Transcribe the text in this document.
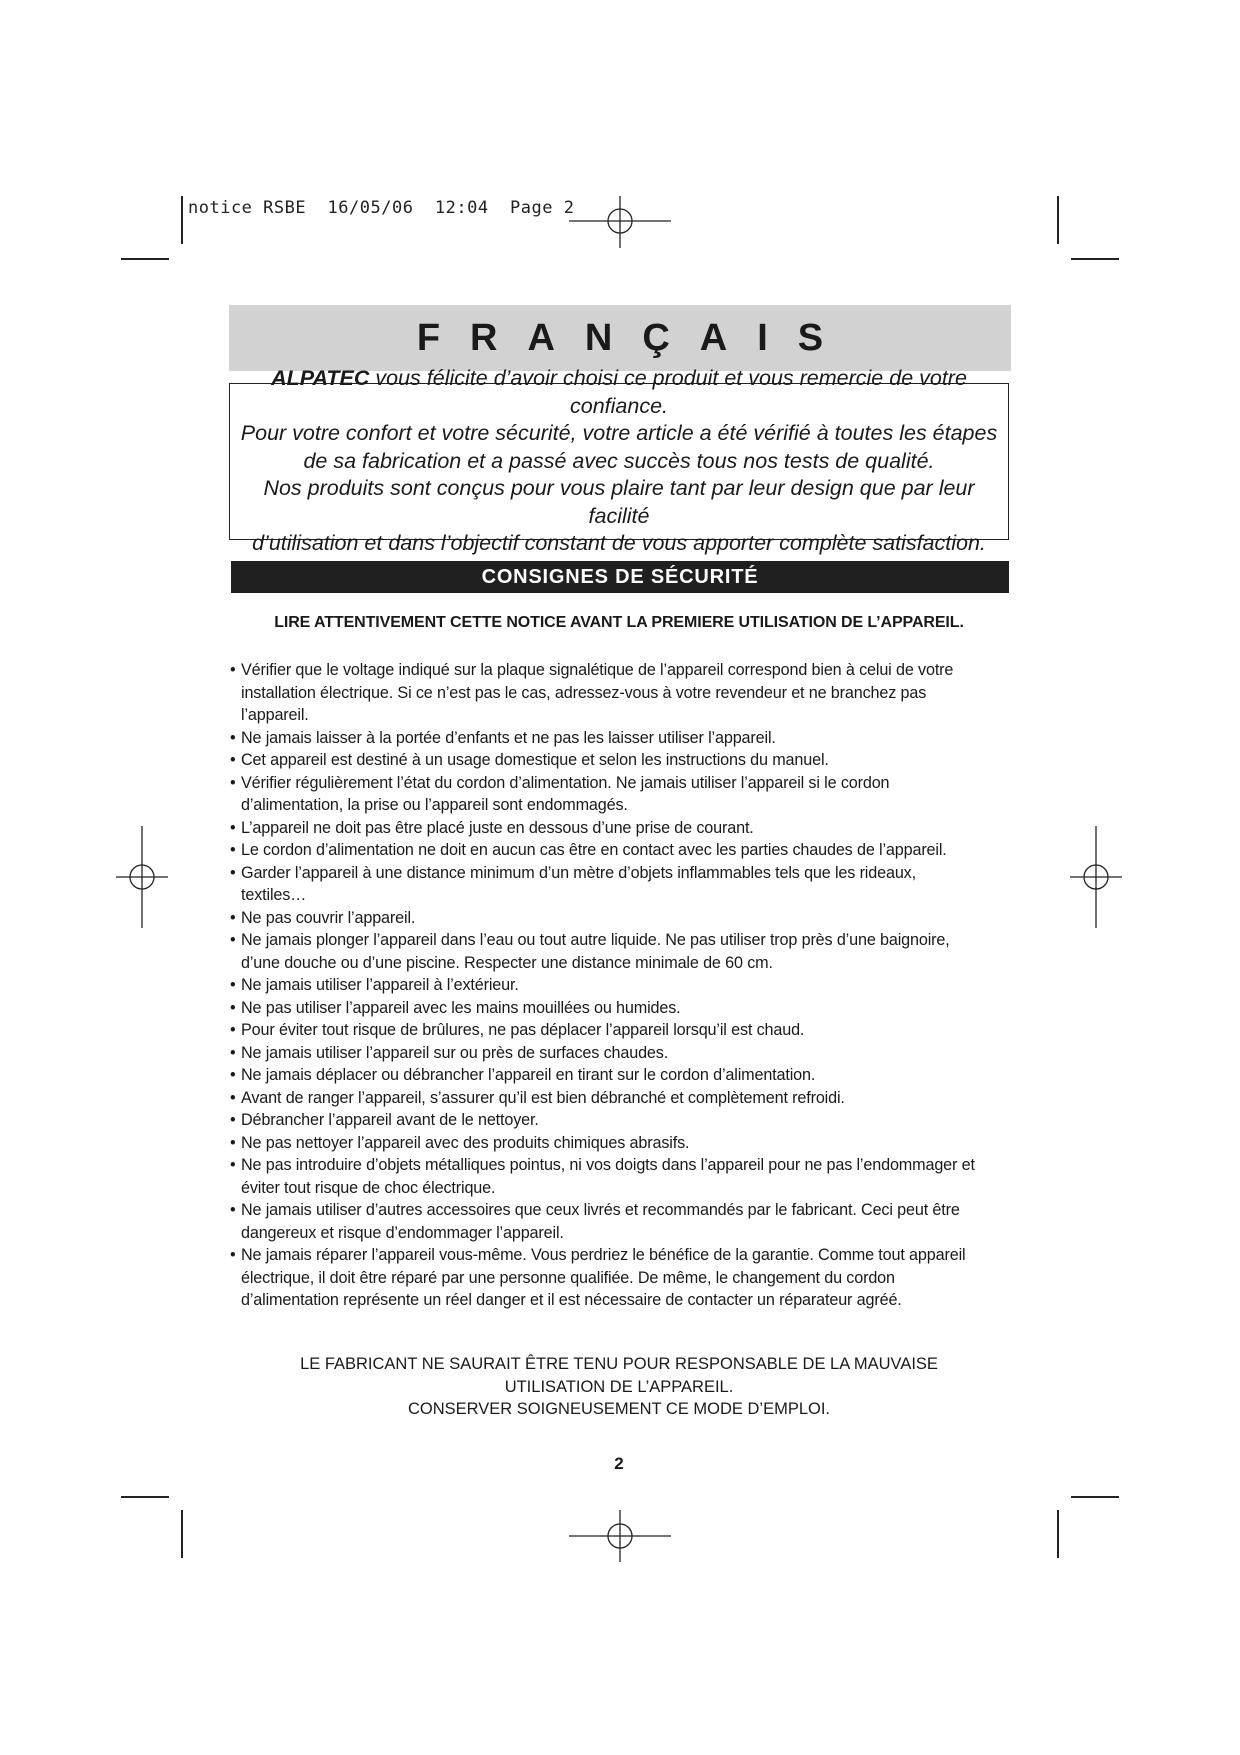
notice RSBE  16/05/06  12:04  Page 2
FRANÇAIS
ALPATEC vous félicite d’avoir choisi ce produit et vous remercie de votre confiance.
Pour votre confort et votre sécurité, votre article a été vérifié à toutes les étapes
de sa fabrication et a passé avec succès tous nos tests de qualité.
Nos produits sont conçus pour vous plaire tant par leur design que par leur facilité
d’utilisation et dans l’objectif constant de vous apporter complète satisfaction.
CONSIGNES DE SÉCURITÉ
LIRE ATTENTIVEMENT CETTE NOTICE AVANT LA PREMIERE UTILISATION DE L’APPAREIL.
• Vérifier que le voltage indiqué sur la plaque signalétique de l’appareil correspond bien à celui de votre
installation électrique. Si ce n’est pas le cas, adressez-vous à votre revendeur et ne branchez pas
l’appareil.
• Ne jamais laisser à la portée d’enfants et ne pas les laisser utiliser l’appareil.
• Cet appareil est destiné à un usage domestique et selon les instructions du manuel.
• Vérifier régulièrement l’état du cordon d’alimentation. Ne jamais utiliser l’appareil si le cordon
d’alimentation, la prise ou l’appareil sont endommagés.
• L’appareil ne doit pas être placé juste en dessous d’une prise de courant.
• Le cordon d’alimentation ne doit en aucun cas être en contact avec les parties chaudes de l’appareil.
• Garder l’appareil à une distance minimum d’un mètre d’objets inflammables tels que les rideaux,
textiles…
• Ne pas couvrir l’appareil.
• Ne jamais plonger l’appareil dans l’eau ou tout autre liquide. Ne pas utiliser trop près d’une baignoire,
d’une douche ou d’une piscine. Respecter une distance minimale de 60 cm.
• Ne jamais utiliser l’appareil à l’extérieur.
• Ne pas utiliser l’appareil avec les mains mouillées ou humides.
• Pour éviter tout risque de brûlures, ne pas déplacer l’appareil lorsqu’il est chaud.
• Ne jamais utiliser l’appareil sur ou près de surfaces chaudes.
• Ne jamais déplacer ou débrancher l’appareil en tirant sur le cordon d’alimentation.
• Avant de ranger l’appareil, s’assurer qu’il est bien débranché et complètement refroidi.
• Débrancher l’appareil avant de le nettoyer.
• Ne pas nettoyer l’appareil avec des produits chimiques abrasifs.
• Ne pas introduire d’objets métalliques pointus, ni vos doigts dans l’appareil pour ne pas l’endommager et
éviter tout risque de choc électrique.
• Ne jamais utiliser d’autres accessoires que ceux livrés et recommandés par le fabricant. Ceci peut être
dangereux et risque d’endommager l’appareil.
• Ne jamais réparer l’appareil vous-même. Vous perdriez le bénéfice de la garantie. Comme tout appareil
électrique, il doit être réparé par une personne qualifiée. De même, le changement du cordon
d’alimentation représente un réel danger et il est nécessaire de contacter un réparateur agréé.
LE FABRICANT NE SAURAIT ÊTRE TENU POUR RESPONSABLE DE LA MAUVAISE
UTILISATION DE L’APPAREIL.
CONSERVER SOIGNEUSEMENT CE MODE D’EMPLOI.
2
